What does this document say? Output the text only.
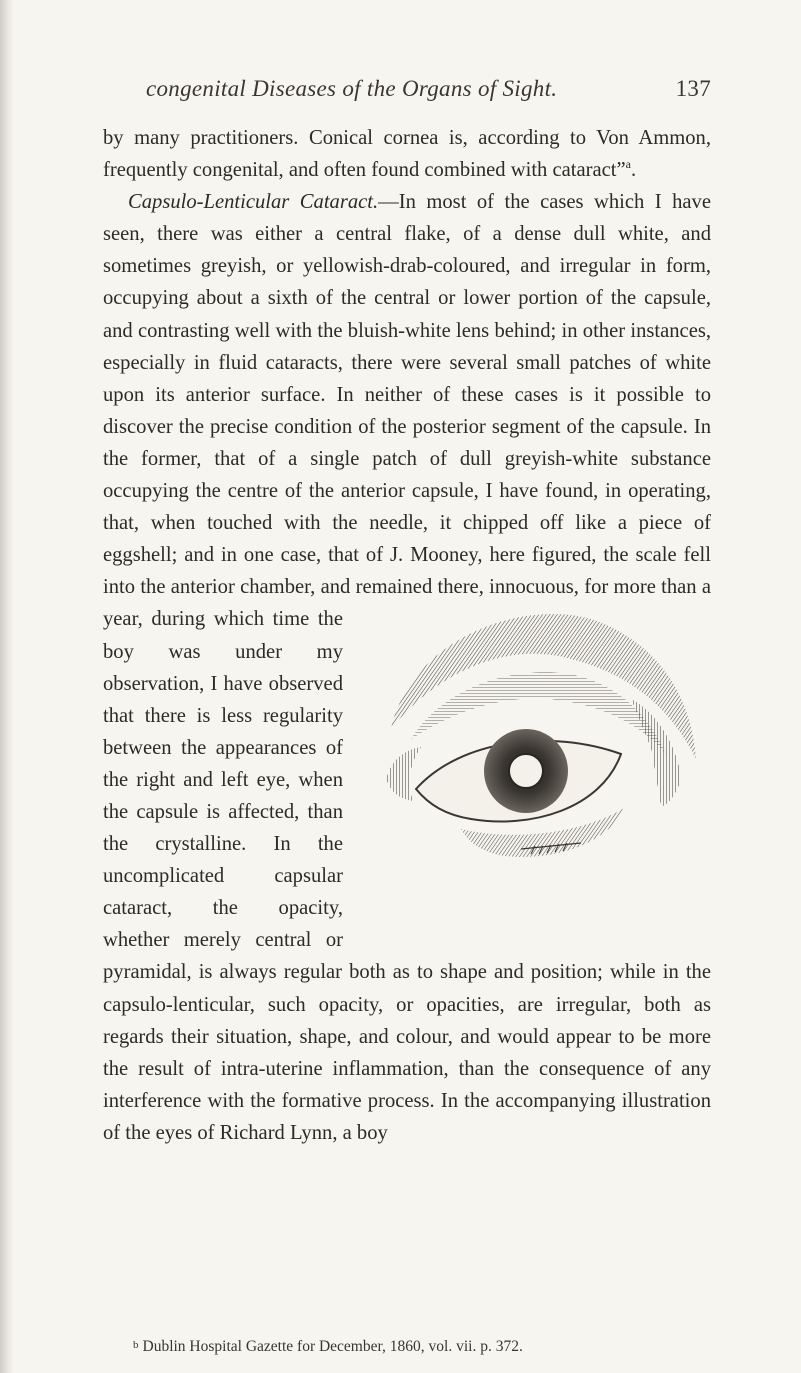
congenital Diseases of the Organs of Sight.	137

by many practitioners. Conical cornea is, according to Von Ammon, frequently congenital, and often found combined with cataract”$^a$.

Capsulo-Lenticular Cataract.—In most of the cases which I have seen, there was either a central flake, of a dense dull white, and sometimes greyish, or yellowish-drab-coloured, and irregular in form, occupying about a sixth of the central or lower portion of the capsule, and contrasting well with the bluish-white lens behind; in other instances, especially in fluid cataracts, there were several small patches of white upon its anterior surface. In neither of these cases is it possible to discover the precise condition of the posterior segment of the capsule. In the former, that of a single patch of dull greyish-white substance occupying the centre of the anterior capsule, I have found, in operating, that, when touched with the needle, it chipped off like a piece of eggshell; and in one case, that of J. Mooney, here figured, the scale fell into the anterior chamber,
and remained there, innocuous, for more than a year, during which time the boy was under my observation, I have observed that there is less regularity between the appearances of the right and left eye, when the capsule is affected, than the crystalline. In the uncomplicated capsular cataract, the opacity, whether merely central or pyramidal, is always regular both as to shape and position; while in the capsulo-lenticular, such opacity, or opacities, are irregular, both as regards their situation, shape, and colour, and would appear to be more the result of intra-uterine inflammation, than the consequence of any interference with the formative process. In the accompanying illustration of the eyes of Richard Lynn, a boy

$^b$ Dublin Hospital Gazette for December, 1860, vol. vii. p. 372.
